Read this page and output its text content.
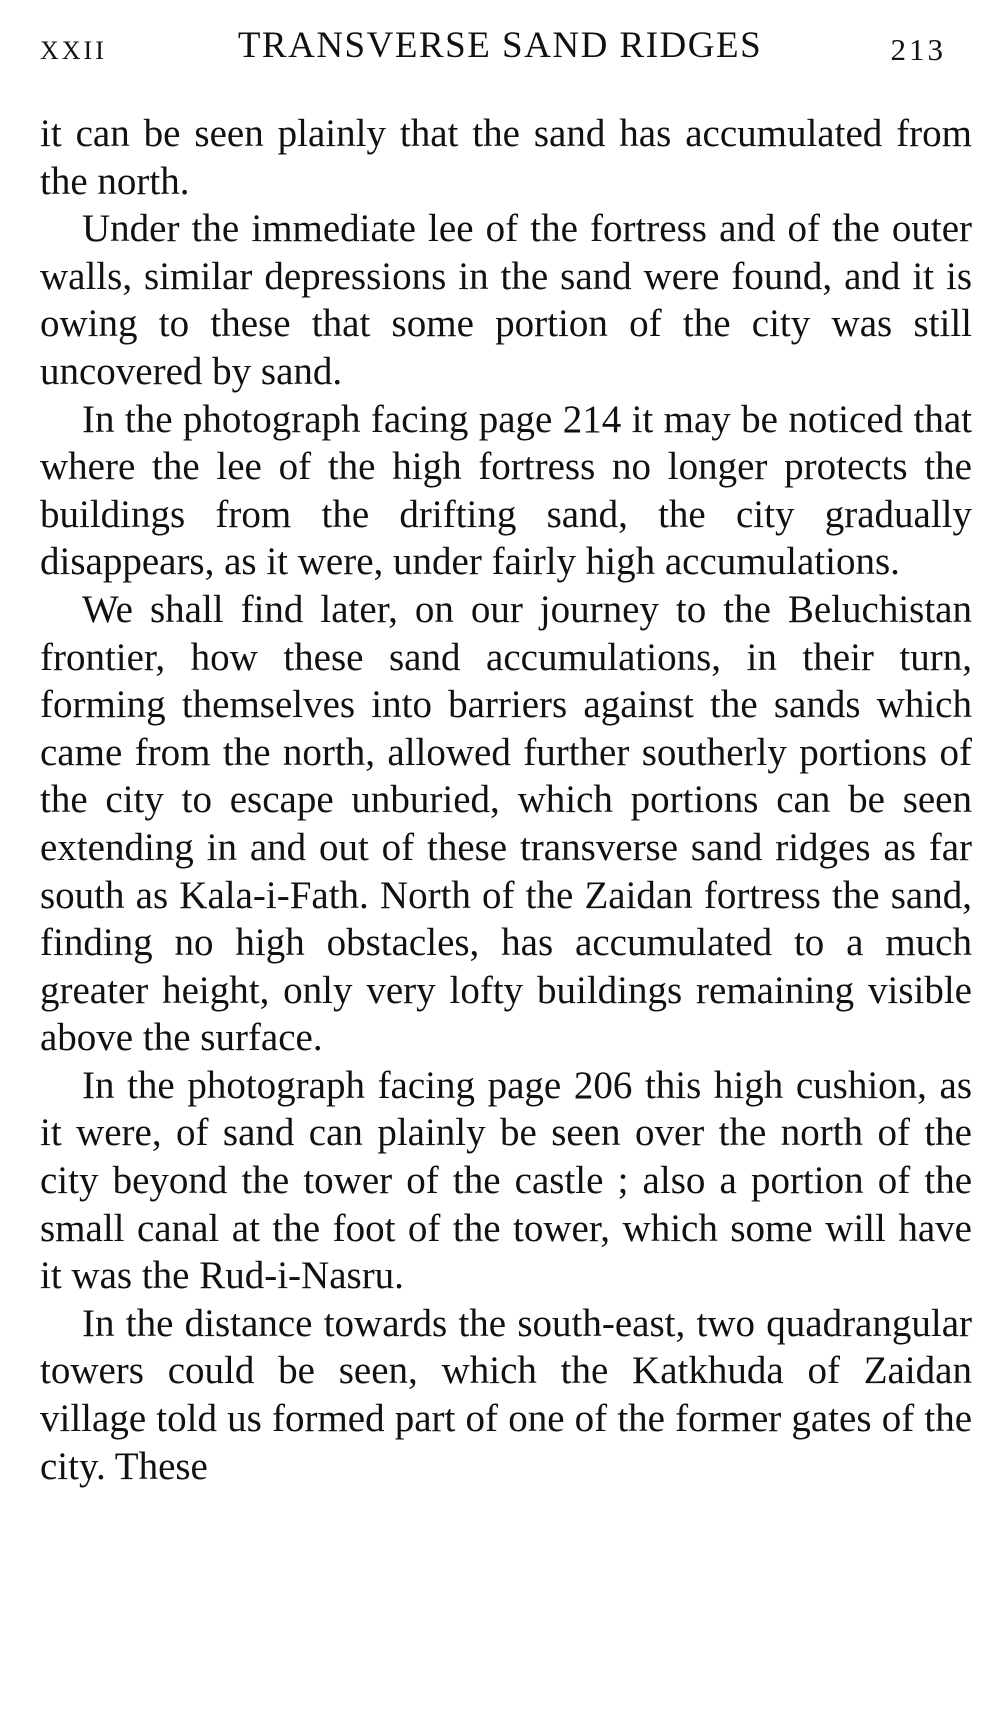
XXII	TRANSVERSE SAND RIDGES	213

it can be seen plainly that the sand has accumulated from the north.

Under the immediate lee of the fortress and of the outer walls, similar depressions in the sand were found, and it is owing to these that some portion of the city was still uncovered by sand.

In the photograph facing page 214 it may be noticed that where the lee of the high fortress no longer protects the buildings from the drifting sand, the city gradually disappears, as it were, under fairly high accumulations.

We shall find later, on our journey to the Beluchistan frontier, how these sand accumulations, in their turn, forming themselves into barriers against the sands which came from the north, allowed further southerly portions of the city to escape unburied, which portions can be seen extending in and out of these transverse sand ridges as far south as Kala-i-Fath. North of the Zaidan fortress the sand, finding no high obstacles, has accumulated to a much greater height, only very lofty buildings remaining visible above the surface.

In the photograph facing page 206 this high cushion, as it were, of sand can plainly be seen over the north of the city beyond the tower of the castle ; also a portion of the small canal at the foot of the tower, which some will have it was the Rud-i-Nasru.

In the distance towards the south-east, two quadrangular towers could be seen, which the Katkhuda of Zaidan village told us formed part of one of the former gates of the city. These
